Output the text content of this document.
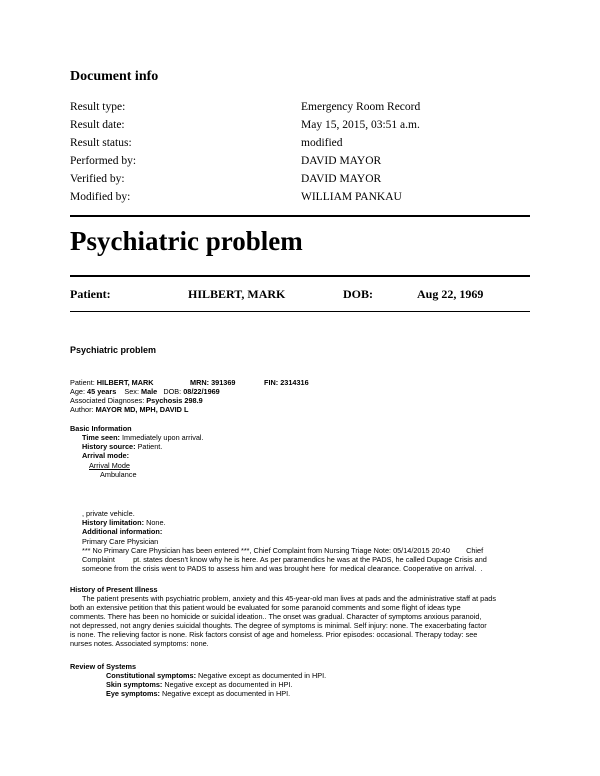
Document info
Result type:	Emergency Room Record
Result date:	May 15, 2015, 03:51 a.m.
Result status:	modified
Performed by:	DAVID MAYOR
Verified by:	DAVID MAYOR
Modified by:	WILLIAM PANKAU
Psychiatric problem
Patient:	HILBERT, MARK	DOB:	Aug 22, 1969
Psychiatric problem
Patient: HILBERT, MARK	MRN: 391369	FIN: 2314316
Age: 45 years Sex: Male DOB: 08/22/1969
Associated Diagnoses: Psychosis 298.9
Author: MAYOR MD, MPH, DAVID L
Basic Information
Time seen: Immediately upon arrival.
History source: Patient.
Arrival mode:
Arrival Mode
Ambulance
, private vehicle.
History limitation: None.
Additional information:
Primary Care Physician
*** No Primary Care Physician has been entered ***, Chief Complaint from Nursing Triage Note: 05/14/2015 20:40        Chief
Complaint         pt. states doesn't know why he is here. As per paramendics he was at the PADS, he called Dupage Crisis and
someone from the crisis went to PADS to assess him and was brought here  for medical clearance. Cooperative on arrival.  .
History of Present Illness
The patient presents with psychiatric problem, anxiety and this 45-year-old man lives at pads and the administrative staff at pads
both an extensive petition that this patient would be evaluated for some paranoid comments and some flight of ideas type
comments. There has been no homicide or suicidal ideation.. The onset was gradual. Character of symptoms anxious paranoid,
not depressed, not angry denies suicidal thoughts. The degree of symptoms is minimal. Self injury: none. The exacerbating factor
is none. The relieving factor is none. Risk factors consist of age and homeless. Prior episodes: occasional. Therapy today: see
nurses notes. Associated symptoms: none.
Review of Systems
Constitutional symptoms: Negative except as documented in HPI.
Skin symptoms: Negative except as documented in HPI.
Eye symptoms: Negative except as documented in HPI.
